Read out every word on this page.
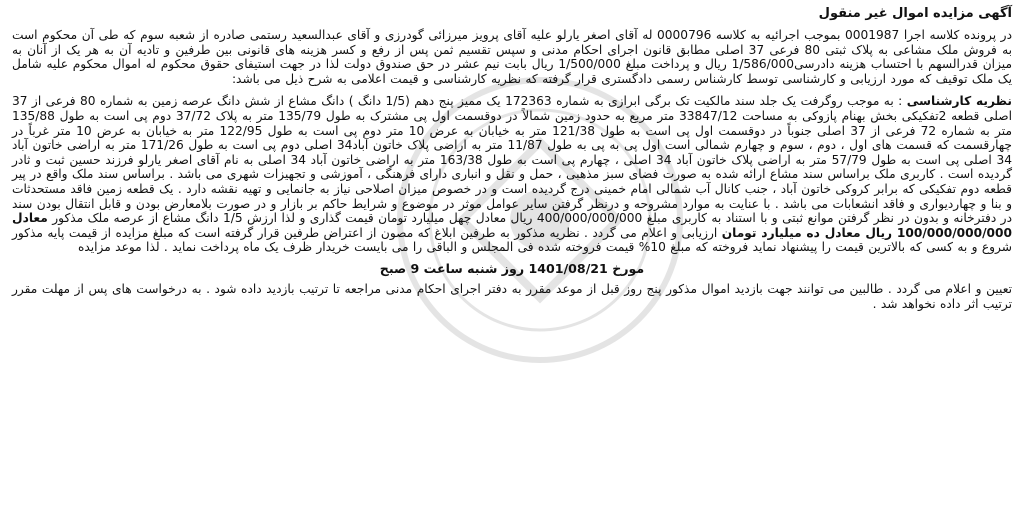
آگهی مزایده اموال غیر منقول

در پرونده کلاسه اجرا 0001987 بموجب اجرائیه به کلاسه 0000796 له آقای اصغر یارلو علیه آقای پرویز میرزائی گودرزی و آقای عبدالسعید رستمی صادره از شعبه سوم که طی آن محکوم است به فروش ملک مشاعی به پلاک ثبتی 80 فرعی 37 اصلی مطابق قانون اجرای احکام مدنی و سپس تقسیم ثمن پس از رفع و کسر هزینه های قانونی بین طرفین و تادیه آن به هر یک از آنان به میزان قدرالسهم با احتساب هزینه دادرسی1/586/000 ریال و پرداخت مبلغ 1/500/000 ریال بابت نیم عشر در حق صندوق دولت لذا در جهت استیفای حقوق محکوم له اموال محکوم علیه شامل یک ملک توقیف که مورد ارزیابی و کارشناسی توسط کارشناس رسمی دادگستری قرار گرفته که نظریه کارشناسی و قیمت اعلامی به شرح ذیل می باشد:

نظریه کارشناسی : به موجب روگرفت یک جلد سند مالکیت تک برگی ابرازی به شماره 172363 یک ممیز پنج دهم (1/5 دانگ ) دانگ مشاع از شش دانگ عرصه زمین به شماره 80 فرعی از 37 اصلی قطعه 2تفکیکی بخش بهنام پازوکی به مساحت 33847/12 متر مربع به حدود زمین شمالاً در دوقسمت اول پی مشترک به طول 135/79 متر به پلاک 37/72 دوم پی است به طول 135/88 متر به شماره 72 فرعی از 37 اصلی جنوباً در دوقسمت اول پی است به طول 121/38 متر به خیابان به عرض 10 متر دوم پی است به طول 122/95 متر به خیابان به عرض 10 متر غرباً در چهارقسمت که قسمت های اول ، دوم ، سوم و چهارم شمالی است اول پی به پی به طول 11/87 متر به اراضی پلاک خاتون آباد34 اصلی دوم پی است به طول 171/26 متر به اراضی خاتون آباد 34 اصلی پی است به طول 57/79 متر به اراضی پلاک خاتون آباد 34 اصلی ، چهارم پی است به طول 163/38 متر به اراضی خاتون آباد 34 اصلی به نام آقای اصغر یارلو فرزند حسین ثبت و ثادر گردیده است . کاربری ملک براساس سند مشاع ارائه شده به صورت فضای سبز مذهبی ، حمل و نقل و انباری دارای فرهنگی ، آموزشی و تجهیزات شهری می باشد . براساس سند ملک واقع در پیر قطعه دوم تفکیکی که برابر کروکی خاتون آباد ، جنب کانال آب شمالی امام خمینی درج گردیده است و در خصوص میزان اصلاحی نیاز به جانمایی و تهیه نقشه دارد . یک قطعه زمین فاقد مستحدثات و بنا و چهاردیواری و فاقد انشعابات می باشد . با عنایت به موارد مشروحه و درنظر گرفتن سایر عوامل موثر در موضوع و شرایط حاکم بر بازار و در صورت بلامعارض بودن و قابل انتقال بودن سند در دفترخانه و بدون در نظر گرفتن موانع ثبتی و با استناد به کاربری مبلغ 400/000/000/000 ریال معادل چهل میلیارد تومان قیمت گذاری و لذا ارزش 1/5 دانگ مشاع از عرصه ملک مذکور معادل 100/000/000/000 ریال معادل ده میلیارد تومان ارزیابی و اعلام می گردد . نظریه مذکور به طرفین ابلاغ که مصون از اعتراض طرفین قرار گرفته است که مبلغ مزایده از قیمت پایه مذکور شروع و به کسی که بالاترین قیمت را پیشنهاد نماید فروخته که مبلغ 10% قیمت فروخته شده فی المجلس و الباقی را می بایست خریدار ظرف یک ماه پرداخت نماید . لذا موعد مزایده

مورخ 1401/08/21 روز شنبه ساعت 9 صبح

تعیین و اعلام می گردد . طالبین می توانند جهت بازدید اموال مذکور پنج روز قبل از موعد مقرر به دفتر اجرای احکام مدنی مراجعه تا ترتیب بازدید داده شود . به درخواست های پس از مهلت مقرر ترتیب اثر داده نخواهد شد .
